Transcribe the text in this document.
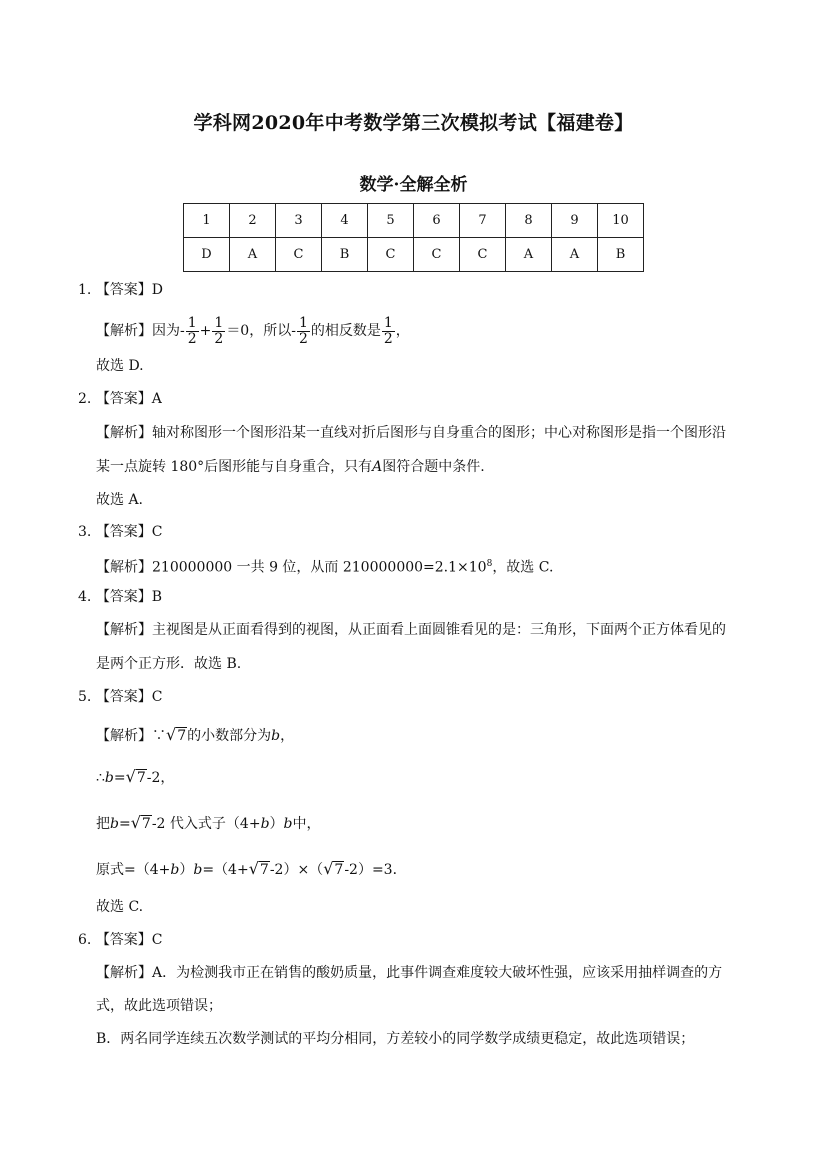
学科网2020年中考数学第三次模拟考试【福建卷】
数学·全解全析
1	2	3	4	5	6	7	8	9	10
D	A	C	B	C	C	C	A	A	B
1. 【答案】D
【解析】因为- $\frac{1}{2} + \frac{1}{2} =0$，所以- $\frac{1}{2}$ 的相反数是 $\frac{1}{2}$ ，
故选 D.
2. 【答案】A
【解析】轴对称图形一个图形沿某一直线对折后图形与自身重合的图形；中心对称图形是指一个图形沿
某一点旋转 180°后图形能与自身重合，只有A图符合题中条件.
故选 A.
3. 【答案】C
【解析】210000000 一共 9 位，从而 $210000000=2.1\times 10^8$，故选 C.
4. 【答案】B
【解析】主视图是从正面看得到的视图，从正面看上面圆锥看见的是：三角形，下面两个正方体看见的
是两个正方形．故选 B.
5. 【答案】C
【解析】∵√7的小数部分为b，
∴b=√7-2，
把b=√7-2 代入式子（4+b）b中，
原式=（4+b）b=（4+√7-2）×（√7-2）=3．
故选 C.
6. 【答案】C
【解析】A．为检测我市正在销售的酸奶质量，此事件调查难度较大破坏性强，应该采用抽样调查的方
式，故此选项错误；
B．两名同学连续五次数学测试的平均分相同，方差较小的同学数学成绩更稳定，故此选项错误；
